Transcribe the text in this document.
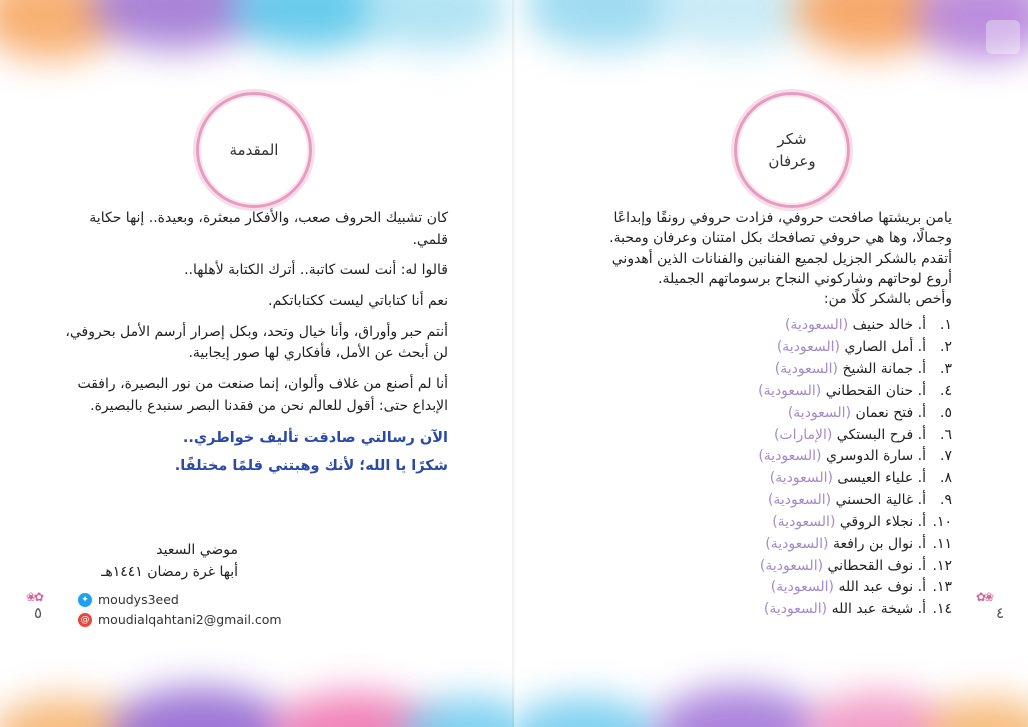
المقدمة

كان تشبيك الحروف صعب، والأفكار مبعثرة، وبعيدة.. إنها حكاية قلمي.

قالوا له: أنت لست كاتبة.. أترك الكتابة لأهلها..

نعم أنا كتاباتي ليست ككتاباتكم.

أنتم حبر وأوراق، وأنا خيال وتحد، وبكل إصرار أرسم الأمل بحروفي، لن أبحث عن الأمل، فأفكاري لها صور إيجابية.

أنا لم أصنع من غلاف وألوان، إنما صنعت من نور البصيرة، رافقت الإبداع حتى: أقول للعالم نحن من فقدنا البصر سنبدع بالبصيرة.

الآن رسالتي صادقت تأليف خواطري..

شكرًا يا الله؛ لأنك وهبتني قلمًا مختلفًا.

موضي السعيد
أبها غرة رمضان ١٤٤١هـ
✦ moudys3eed
@ moudialqahtani2@gmail.com
❀✿
٥
شكر
وعرفان

يامن بريشتها صافحت حروفي، فزادت حروفي رونقًا وإبداعًا وجمالًا، وها هي حروفي تصافحك بكل امتنان وعرفان ومحبة.

أتقدم بالشكر الجزيل لجميع الفنانين والفنانات الذين أهدوني أروع لوحاتهم وشاركوني النجاح برسوماتهم الجميلة.

وأخص بالشكر كلًا من:

١.أ. خالد حنيف (السعودية)
٢.أ. أمل الصاري (السعودية)
٣.أ. جمانة الشيخ (السعودية)
٤.أ. حنان القحطاني (السعودية)
٥.أ. فتح نعمان (السعودية)
٦.أ. فرح البستكي (الإمارات)
٧.أ. سارة الدوسري (السعودية)
٨.أ. علياء العيسى (السعودية)
٩.أ. غالية الحسني (السعودية)
١٠.أ. نجلاء الروقي (السعودية)
١١.أ. نوال بن رافعة (السعودية)
١٢.أ. نوف القحطاني (السعودية)
١٣.أ. نوف عبد الله (السعودية)
١٤.أ. شيخة عبد الله (السعودية)
✿❀
٤
